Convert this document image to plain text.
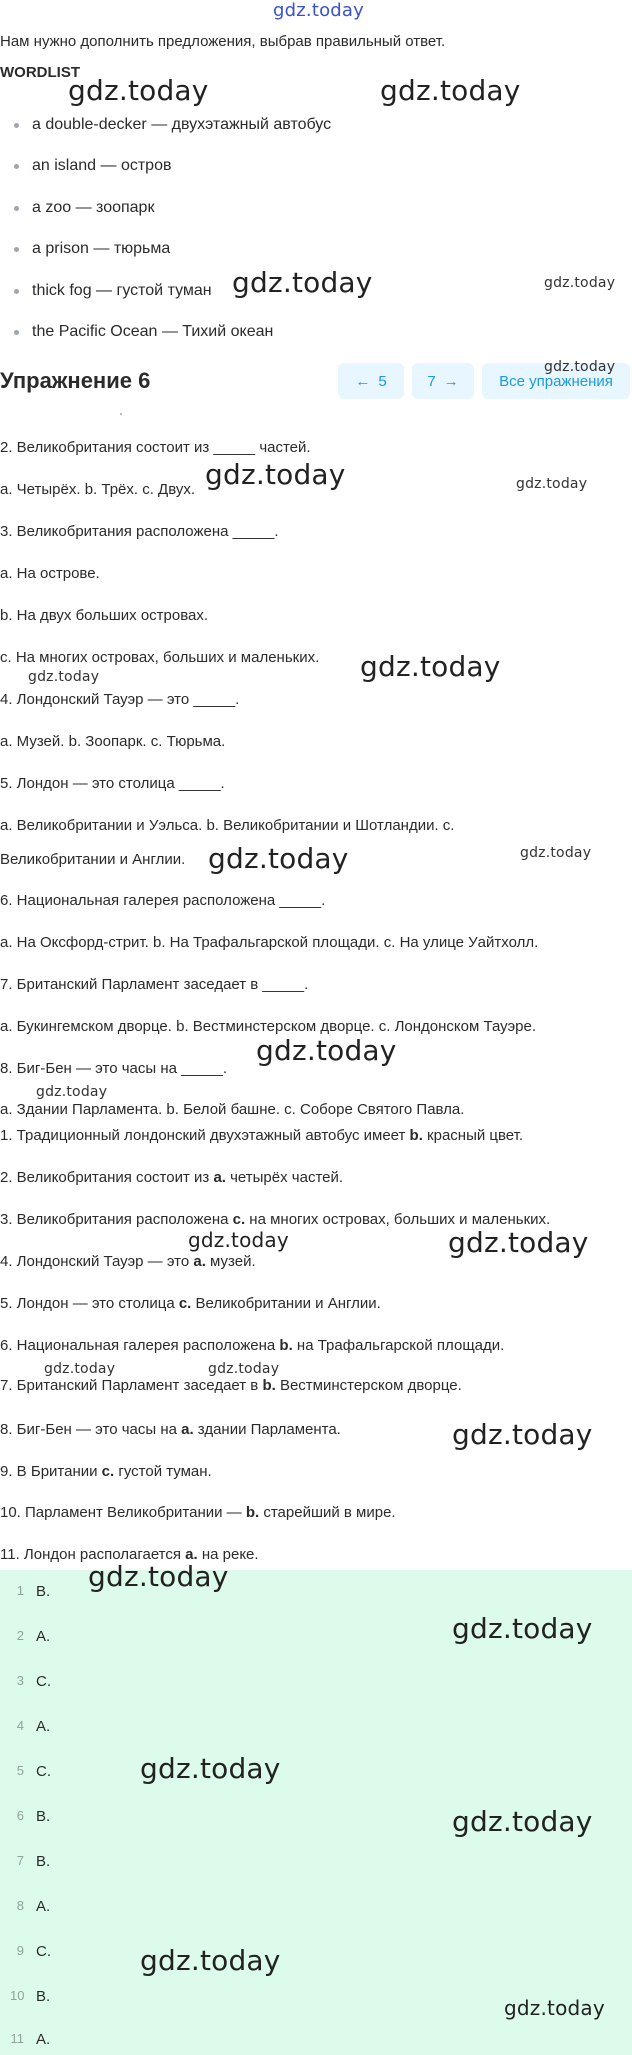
gdz.today
Нам нужно дополнить предложения, выбрав правильный ответ.
WORDLIST
a double-decker — двухэтажный автобус
an island — остров
a zoo — зоопарк
a prison — тюрьма
thick fog — густой туман
the Pacific Ocean — Тихий океан
Упражнение 6	← 5	7 →	Все упражнения
2. Великобритания состоит из _____ частей.
a. Четырёх. b. Трёх. c. Двух.
3. Великобритания расположена _____.
a. На острове.
b. На двух больших островах.
c. На многих островах, больших и маленьких.
4. Лондонский Тауэр — это _____.
a. Музей. b. Зоопарк. c. Тюрьма.
5. Лондон — это столица _____.
a. Великобритании и Уэльса. b. Великобритании и Шотландии. c.
Великобритании и Англии.
6. Национальная галерея расположена _____.
a. На Оксфорд-стрит. b. На Трафальгарской площади. c. На улице Уайтхолл.
7. Британский Парламент заседает в _____.
a. Букингемском дворце. b. Вестминстерском дворце. c. Лондонском Тауэре.
8. Биг-Бен — это часы на _____.
a. Здании Парламента. b. Белой башне. c. Соборе Святого Павла.
1. Традиционный лондонский двухэтажный автобус имеет b. красный цвет.
2. Великобритания состоит из a. четырёх частей.
3. Великобритания расположена c. на многих островах, больших и маленьких.
4. Лондонский Тауэр — это a. музей.
5. Лондон — это столица c. Великобритании и Англии.
6. Национальная галерея расположена b. на Трафальгарской площади.
7. Британский Парламент заседает в b. Вестминстерском дворце.
8. Биг-Бен — это часы на a. здании Парламента.
9. В Британии c. густой туман.
10. Парламент Великобритании — b. старейший в мире.
11. Лондон располагается a. на реке.
1 B.
2 A.
3 C.
4 A.
5 C.
6 B.
7 B.
8 A.
9 C.
10 B.
11 A.
gdz.today	gdz.today
gdz.today	gdz.today
gdz.today
gdz.today	gdz.today
gdz.today
gdz.today
gdz.today	gdz.today
gdz.today
gdz.today
gdz.today	gdz.today
gdz.today	gdz.today
gdz.today
gdz.today
gdz.today
gdz.today
gdz.today
gdz.today
gdz.today
